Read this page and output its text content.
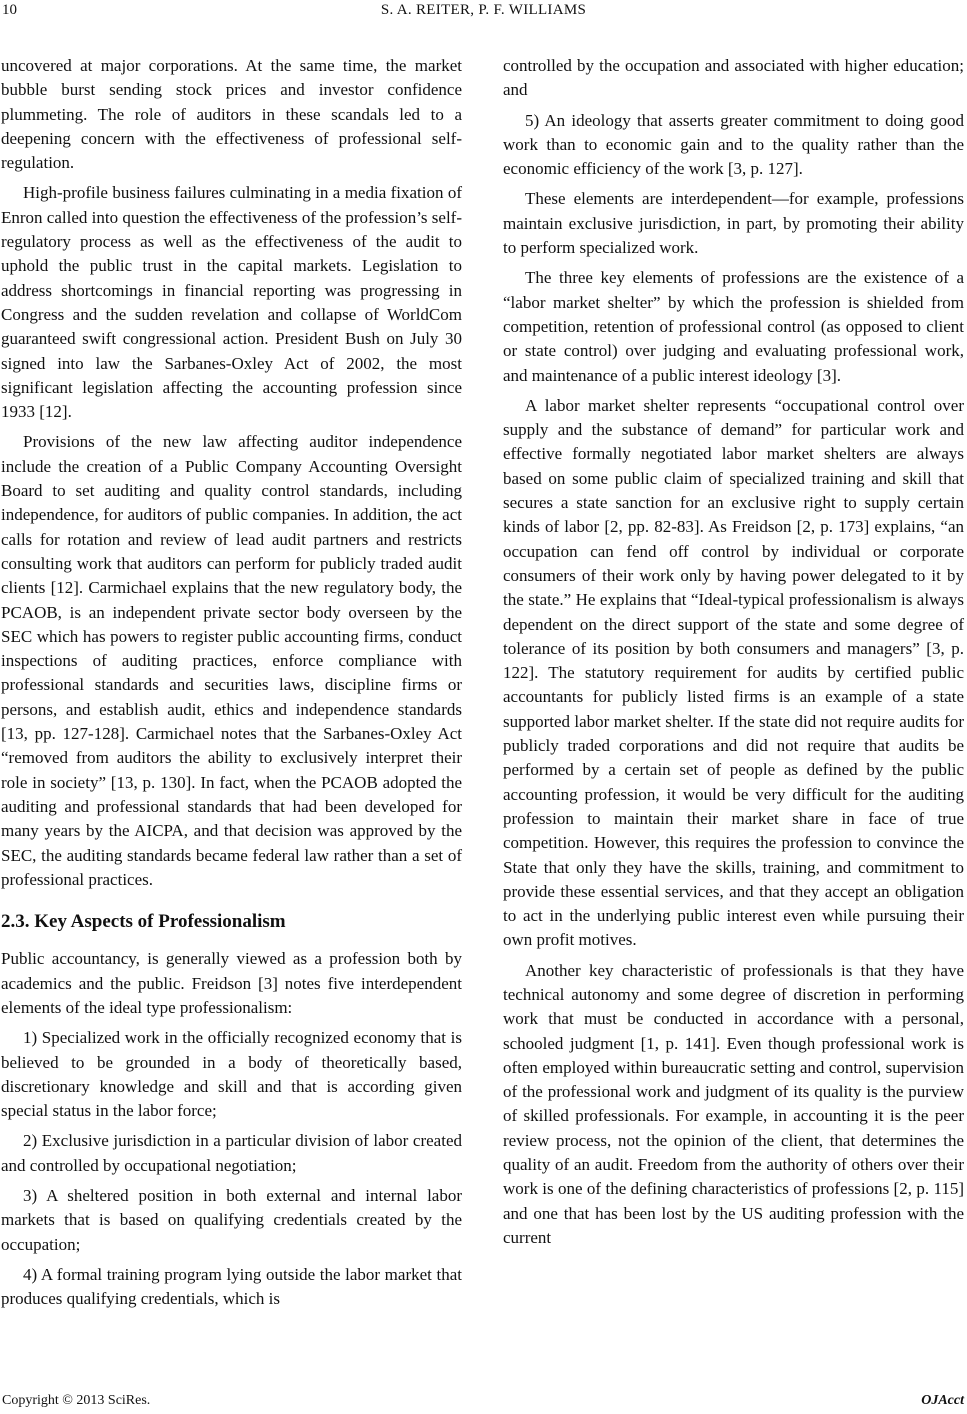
10	S. A. REITER, P. F. WILLIAMS

uncovered at major corporations. At the same time, the market bubble burst sending stock prices and investor confidence plummeting. The role of auditors in these scandals led to a deepening concern with the effectiveness of professional self-regulation.

High-profile business failures culminating in a media fixation of Enron called into question the effectiveness of the profession’s self-regulatory process as well as the effectiveness of the audit to uphold the public trust in the capital markets. Legislation to address shortcomings in financial reporting was progressing in Congress and the sudden revelation and collapse of WorldCom guaranteed swift congressional action. President Bush on July 30 signed into law the Sarbanes-Oxley Act of 2002, the most significant legislation affecting the accounting profession since 1933 [12].

Provisions of the new law affecting auditor independence include the creation of a Public Company Accounting Oversight Board to set auditing and quality control standards, including independence, for auditors of public companies. In addition, the act calls for rotation and review of lead audit partners and restricts consulting work that auditors can perform for publicly traded audit clients [12]. Carmichael explains that the new regulatory body, the PCAOB, is an independent private sector body overseen by the SEC which has powers to register public accounting firms, conduct inspections of auditing practices, enforce compliance with professional standards and securities laws, discipline firms or persons, and establish audit, ethics and independence standards [13, pp. 127-128]. Carmichael notes that the Sarbanes-Oxley Act “removed from auditors the ability to exclusively interpret their role in society” [13, p. 130]. In fact, when the PCAOB adopted the auditing and professional standards that had been developed for many years by the AICPA, and that decision was approved by the SEC, the auditing standards became federal law rather than a set of professional practices.

2.3. Key Aspects of Professionalism

Public accountancy, is generally viewed as a profession both by academics and the public. Freidson [3] notes five interdependent elements of the ideal type professionalism:

1) Specialized work in the officially recognized economy that is believed to be grounded in a body of theoretically based, discretionary knowledge and skill and that is according given special status in the labor force;

2) Exclusive jurisdiction in a particular division of labor created and controlled by occupational negotiation;

3) A sheltered position in both external and internal labor markets that is based on qualifying credentials created by the occupation;

4) A formal training program lying outside the labor market that produces qualifying credentials, which is

controlled by the occupation and associated with higher education; and

5) An ideology that asserts greater commitment to doing good work than to economic gain and to the quality rather than the economic efficiency of the work [3, p. 127].

These elements are interdependent—for example, professions maintain exclusive jurisdiction, in part, by promoting their ability to perform specialized work.

The three key elements of professions are the existence of a “labor market shelter” by which the profession is shielded from competition, retention of professional control (as opposed to client or state control) over judging and evaluating professional work, and maintenance of a public interest ideology [3].

A labor market shelter represents “occupational control over supply and the substance of demand” for particular work and effective formally negotiated labor market shelters are always based on some public claim of specialized training and skill that secures a state sanction for an exclusive right to supply certain kinds of labor [2, pp. 82-83]. As Freidson [2, p. 173] explains, “an occupation can fend off control by individual or corporate consumers of their work only by having power delegated to it by the state.” He explains that “Ideal-typical professionalism is always dependent on the direct support of the state and some degree of tolerance of its position by both consumers and managers” [3, p. 122]. The statutory requirement for audits by certified public accountants for publicly listed firms is an example of a state supported labor market shelter. If the state did not require audits for publicly traded corporations and did not require that audits be performed by a certain set of people as defined by the public accounting profession, it would be very difficult for the auditing profession to maintain their market share in face of true competition. However, this requires the profession to convince the State that only they have the skills, training, and commitment to provide these essential services, and that they accept an obligation to act in the underlying public interest even while pursuing their own profit motives.

Another key characteristic of professionals is that they have technical autonomy and some degree of discretion in performing work that must be conducted in accordance with a personal, schooled judgment [1, p. 141]. Even though professional work is often employed within bureaucratic setting and control, supervision of the professional work and judgment of its quality is the purview of skilled professionals. For example, in accounting it is the peer review process, not the opinion of the client, that determines the quality of an audit. Freedom from the authority of others over their work is one of the defining characteristics of professions [2, p. 115] and one that has been lost by the US auditing profession with the current

Copyright © 2013 SciRes.	OJAcct
